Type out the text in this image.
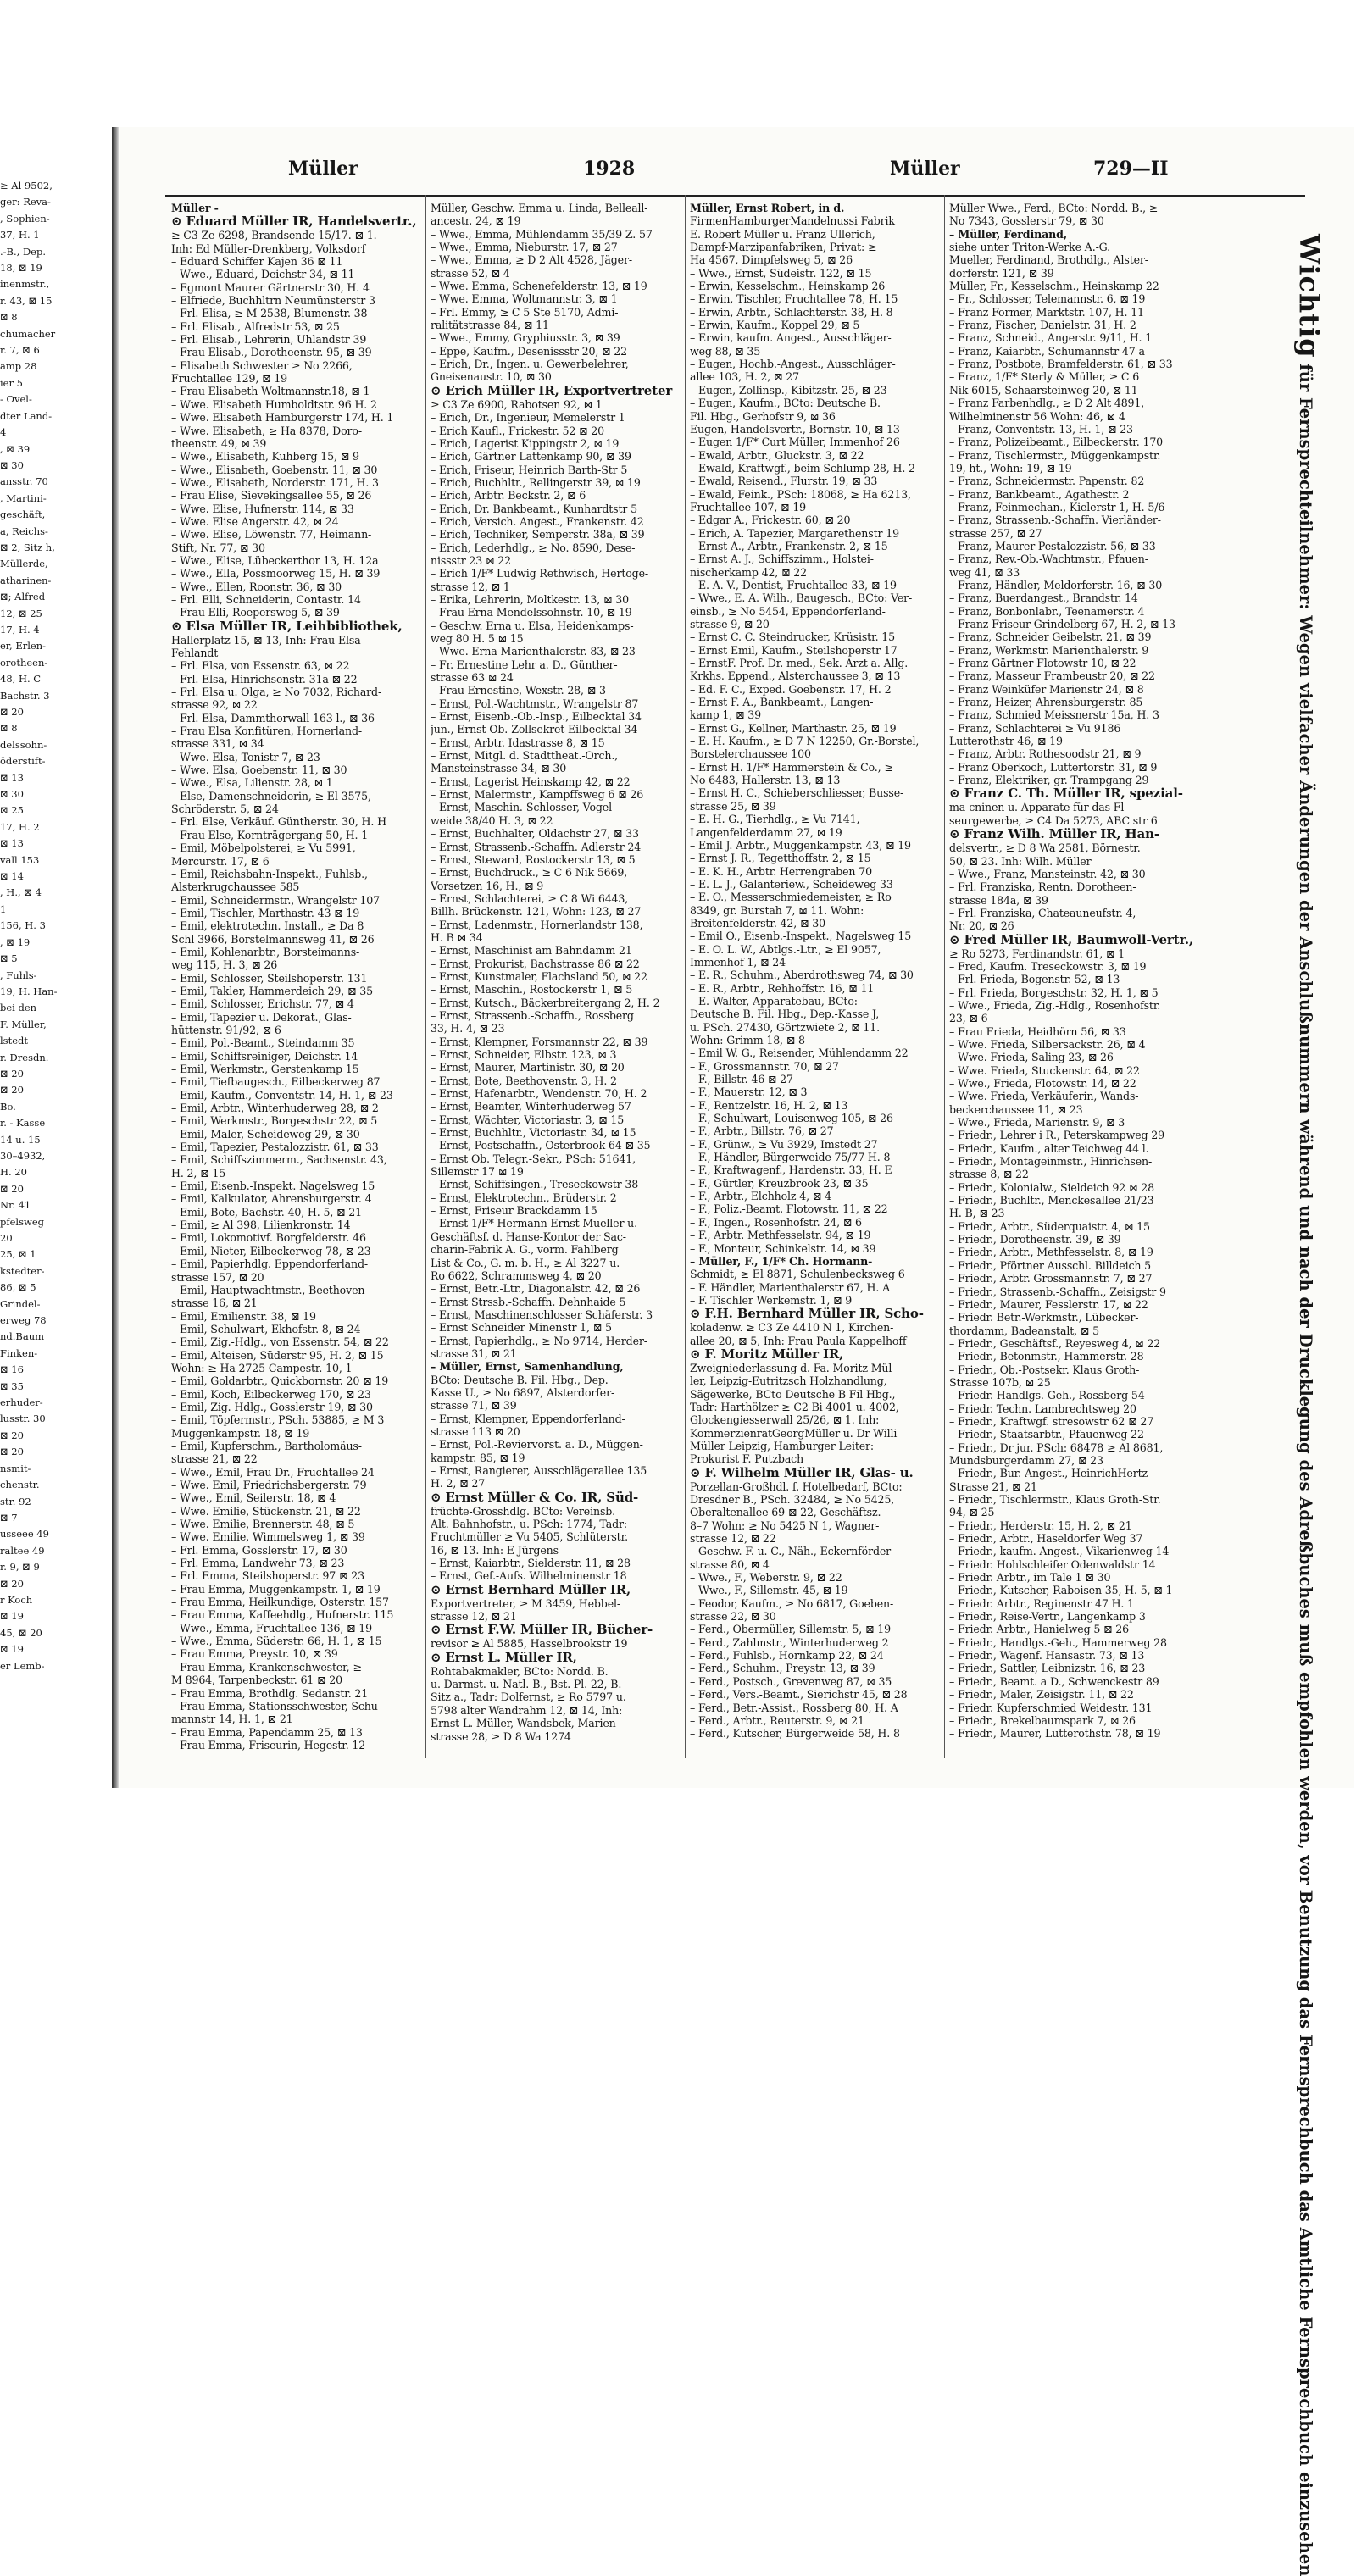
≥ Al 9502,
ger: Reva-
, Sophien-
37, H. 1
.-B., Dep.
18, ⊠ 19
inenmstr.,
r. 43, ⊠ 15
⊠ 8
chumacher
r. 7, ⊠ 6
amp 28
ier 5
- Ovel-
dter Land-
4
, ⊠ 39
⊠ 30
ansstr. 70
, Martini-
geschäft,
a, Reichs-
⊠ 2, Sitz h,
Müllerde,
atharinen-
⊠; Alfred
12, ⊠ 25
17, H. 4
er, Erlen-
orotheen-
48, H. C
Bachstr. 3
⊠ 20
⊠ 8
delssohn-
öderstift-
⊠ 13
⊠ 30
⊠ 25
17, H. 2
⊠ 13
vall 153
⊠ 14
, H., ⊠ 4
1
156, H. 3
, ⊠ 19
⊠ 5
, Fuhls-
19, H. Han-
bei den
F. Müller,
lstedt
r. Dresdn.
⊠ 20
⊠ 20
Bo.
r. - Kasse
14 u. 15
30–4932,
H. 20
⊠ 20
Nr. 41
pfelsweg
20
25, ⊠ 1
kstedter-
86, ⊠ 5
Grindel-
erweg 78
nd.Baum
Finken-
⊠ 16
⊠ 35
erhuder-
lusstr. 30
⊠ 20
⊠ 20
nsmit-
chenstr.
str. 92
⊠ 7
usseee 49
raltee 49
r. 9, ⊠ 9
⊠ 20
r Koch
⊠ 19
45, ⊠ 20
⊠ 19
er Lemb-
Müller	1928	Müller	729—II
Müller -
⊙ Eduard Müller IR, Handelsvertr.,
≥ C3 Ze 6298, Brandsende 15/17. ⊠ 1.
Inh: Ed Müller-Drenkberg, Volksdorf
– Eduard Schiffer Kajen 36 ⊠ 11
– Wwe., Eduard, Deichstr 34, ⊠ 11
– Egmont Maurer Gärtnerstr 30, H. 4
– Elfriede, Buchhltrn Neumünsterstr 3
– Frl. Elisa, ≥ M 2538, Blumenstr. 38
– Frl. Elisab., Alfredstr 53, ⊠ 25
– Frl. Elisab., Lehrerin, Uhlandstr 39
– Frau Elisab., Dorotheenstr. 95, ⊠ 39
– Elisabeth Schwester ≥ No 2266,
Fruchtallee 129, ⊠ 19
– Frau Elisabeth Woltmannstr.18, ⊠ 1
– Wwe. Elisabeth Humboldtstr. 96 H. 2
– Wwe. Elisabeth Hamburgerstr 174, H. 1
– Wwe. Elisabeth, ≥ Ha 8378, Doro-
theenstr. 49, ⊠ 39
– Wwe., Elisabeth, Kuhberg 15, ⊠ 9
– Wwe., Elisabeth, Goebenstr. 11, ⊠ 30
– Wwe., Elisabeth, Norderstr. 171, H. 3
– Frau Elise, Sievekingsallee 55, ⊠ 26
– Wwe. Elise, Hufnerstr. 114, ⊠ 33
– Wwe. Elise Angerstr. 42, ⊠ 24
– Wwe. Elise, Löwenstr. 77, Heimann-
Stift, Nr. 77, ⊠ 30
– Wwe., Elise, Lübeckerthor 13, H. 12a
– Wwe., Ella, Possmoorweg 15, H. ⊠ 39
– Wwe., Ellen, Roonstr. 36, ⊠ 30
– Frl. Elli, Schneiderin, Contastr. 14
– Frau Elli, Roepersweg 5, ⊠ 39
⊙ Elsa Müller IR, Leihbibliothek,
Hallerplatz 15, ⊠ 13, Inh: Frau Elsa
Fehlandt
– Frl. Elsa, von Essenstr. 63, ⊠ 22
– Frl. Elsa, Hinrichsenstr. 31a ⊠ 22
– Frl. Elsa u. Olga, ≥ No 7032, Richard-
strasse 92, ⊠ 22
– Frl. Elsa, Dammthorwall 163 l., ⊠ 36
– Frau Elsa Konfitüren, Hornerland-
strasse 331, ⊠ 34
– Wwe. Elsa, Tonistr 7, ⊠ 23
– Wwe. Elsa, Goebenstr. 11, ⊠ 30
– Wwe., Elsa, Lilienstr. 28, ⊠ 1
– Else, Damenschneiderin, ≥ El 3575,
Schröderstr. 5, ⊠ 24
– Frl. Else, Verkäuf. Güntherstr. 30, H. H
– Frau Else, Kornträgergang 50, H. 1
– Emil, Möbelpolsterei, ≥ Vu 5991,
Mercurstr. 17, ⊠ 6
– Emil, Reichsbahn-Inspekt., Fuhlsb.,
Alsterkrugchaussee 585
– Emil, Schneidermstr., Wrangelstr 107
– Emil, Tischler, Marthastr. 43 ⊠ 19
– Emil, elektrotechn. Install., ≥ Da 8
Schl 3966, Borstelmannsweg 41, ⊠ 26
– Emil, Kohlenarbtr., Borsteimanns-
weg 115, H. 3, ⊠ 26
– Emil, Schlosser, Steilshoperstr. 131
– Emil, Takler, Hammerdeich 29, ⊠ 35
– Emil, Schlosser, Erichstr. 77, ⊠ 4
– Emil, Tapezier u. Dekorat., Glas-
hüttenstr. 91/92, ⊠ 6
– Emil, Pol.-Beamt., Steindamm 35
– Emil, Schiffsreiniger, Deichstr. 14
– Emil, Werkmstr., Gerstenkamp 15
– Emil, Tiefbaugesch., Eilbeckerweg 87
– Emil, Kaufm., Conventstr. 14, H. 1, ⊠ 23
– Emil, Arbtr., Winterhuderweg 28, ⊠ 2
– Emil, Werkmstr., Borgeschstr 22, ⊠ 5
– Emil, Maler, Scheideweg 29, ⊠ 30
– Emil, Tapezier, Pestalozzistr. 61, ⊠ 33
– Emil, Schiffszimmerm., Sachsenstr. 43,
H. 2, ⊠ 15
– Emil, Eisenb.-Inspekt. Nagelsweg 15
– Emil, Kalkulator, Ahrensburgerstr. 4
– Emil, Bote, Bachstr. 40, H. 5, ⊠ 21
– Emil, ≥ Al 398, Lilienkronstr. 14
– Emil, Lokomotivf. Borgfelderstr. 46
– Emil, Nieter, Eilbeckerweg 78, ⊠ 23
– Emil, Papierhdlg. Eppendorferland-
strasse 157, ⊠ 20
– Emil, Hauptwachtmstr., Beethoven-
strasse 16, ⊠ 21
– Emil, Emilienstr. 38, ⊠ 19
– Emil, Schulwart, Ekhofstr. 8, ⊠ 24
– Emil, Zig.-Hdlg., von Essenstr. 54, ⊠ 22
– Emil, Alteisen, Süderstr 95, H. 2, ⊠ 15
Wohn: ≥ Ha 2725 Campestr. 10, 1
– Emil, Goldarbtr., Quickbornstr. 20 ⊠ 19
– Emil, Koch, Eilbeckerweg 170, ⊠ 23
– Emil, Zig. Hdlg., Gosslerstr 19, ⊠ 30
– Emil, Töpfermstr., PSch. 53885, ≥ M 3
Muggenkampstr. 18, ⊠ 19
– Emil, Kupferschm., Bartholomäus-
strasse 21, ⊠ 22
– Wwe., Emil, Frau Dr., Fruchtallee 24
– Wwe. Emil, Friedrichsbergerstr. 79
– Wwe., Emil, Seilerstr. 18, ⊠ 4
– Wwe. Emilie, Stückenstr. 21, ⊠ 22
– Wwe. Emilie, Brennerstr. 48, ⊠ 5
– Wwe. Emilie, Wimmelsweg 1, ⊠ 39
– Frl. Emma, Gosslerstr. 17, ⊠ 30
– Frl. Emma, Landwehr 73, ⊠ 23
– Frl. Emma, Steilshoperstr. 97 ⊠ 23
– Frau Emma, Muggenkampstr. 1, ⊠ 19
– Frau Emma, Heilkundige, Osterstr. 157
– Frau Emma, Kaffeehdlg., Hufnerstr. 115
– Wwe., Emma, Fruchtallee 136, ⊠ 19
– Wwe., Emma, Süderstr. 66, H. 1, ⊠ 15
– Frau Emma, Preystr. 10, ⊠ 39
– Frau Emma, Krankenschwester, ≥
M 8964, Tarpenbeckstr. 61 ⊠ 20
– Frau Emma, Brothdlg. Sedanstr. 21
– Frau Emma, Stationsschwester, Schu-
mannstr 14, H. 1, ⊠ 21
– Frau Emma, Papendamm 25, ⊠ 13
– Frau Emma, Friseurin, Hegestr. 12
Müller, Geschw. Emma u. Linda, Belleall-
ancestr. 24, ⊠ 19
– Wwe., Emma, Mühlendamm 35/39 Z. 57
– Wwe., Emma, Nieburstr. 17, ⊠ 27
– Wwe., Emma, ≥ D 2 Alt 4528, Jäger-
strasse 52, ⊠ 4
– Wwe. Emma, Schenefelderstr. 13, ⊠ 19
– Wwe. Emma, Woltmannstr. 3, ⊠ 1
– Frl. Emmy, ≥ C 5 Ste 5170, Admi-
ralitätstrasse 84, ⊠ 11
– Wwe., Emmy, Gryphiusstr. 3, ⊠ 39
– Eppe, Kaufm., Desenissstr 20, ⊠ 22
– Erich, Dr., Ingen. u. Gewerbelehrer,
Gneisenaustr. 10, ⊠ 30
⊙ Erich Müller IR, Exportvertreter
≥ C3 Ze 6900, Rabotsen 92, ⊠ 1
– Erich, Dr., Ingenieur, Memelerstr 1
– Erich Kaufl., Frickestr. 52 ⊠ 20
– Erich, Lagerist Kippingstr 2, ⊠ 19
– Erich, Gärtner Lattenkamp 90, ⊠ 39
– Erich, Friseur, Heinrich Barth-Str 5
– Erich, Buchhltr., Rellingerstr 39, ⊠ 19
– Erich, Arbtr. Beckstr. 2, ⊠ 6
– Erich, Dr. Bankbeamt., Kunhardtstr 5
– Erich, Versich. Angest., Frankenstr. 42
– Erich, Techniker, Semperstr. 38a, ⊠ 39
– Erich, Lederhdlg., ≥ No. 8590, Dese-
nissstr 23 ⊠ 22
– Erich 1/F* Ludwig Rethwisch, Hertoge-
strasse 12, ⊠ 1
– Erika, Lehrerin, Moltkestr. 13, ⊠ 30
– Frau Erna Mendelssohnstr. 10, ⊠ 19
– Geschw. Erna u. Elsa, Heidenkamps-
weg 80 H. 5 ⊠ 15
– Wwe. Erna Marienthalerstr. 83, ⊠ 23
– Fr. Ernestine Lehr a. D., Günther-
strasse 63 ⊠ 24
– Frau Ernestine, Wexstr. 28, ⊠ 3
– Ernst, Pol.-Wachtmstr., Wrangelstr 87
– Ernst, Eisenb.-Ob.-Insp., Eilbecktal 34
jun., Ernst Ob.-Zollsekret Eilbecktal 34
– Ernst, Arbtr. Idastrasse 8, ⊠ 15
– Ernst, Mitgl. d. Stadttheat.-Orch.,
Mansteinstrasse 34, ⊠ 30
– Ernst, Lagerist Heinskamp 42, ⊠ 22
– Ernst, Malermstr., Kampffsweg 6 ⊠ 26
– Ernst, Maschin.-Schlosser, Vogel-
weide 38/40 H. 3, ⊠ 22
– Ernst, Buchhalter, Oldachstr 27, ⊠ 33
– Ernst, Strassenb.-Schaffn. Adlerstr 24
– Ernst, Steward, Rostockerstr 13, ⊠ 5
– Ernst, Buchdruck., ≥ C 6 Nik 5669,
Vorsetzen 16, H., ⊠ 9
– Ernst, Schlachterei, ≥ C 8 Wi 6443,
Billh. Brückenstr. 121, Wohn: 123, ⊠ 27
– Ernst, Ladenmstr., Hornerlandstr 138,
H. B ⊠ 34
– Ernst, Maschinist am Bahndamm 21
– Ernst, Prokurist, Bachstrasse 86 ⊠ 22
– Ernst, Kunstmaler, Flachsland 50, ⊠ 22
– Ernst, Maschin., Rostockerstr 1, ⊠ 5
– Ernst, Kutsch., Bäckerbreitergang 2, H. 2
– Ernst, Strassenb.-Schaffn., Rossberg
33, H. 4, ⊠ 23
– Ernst, Klempner, Forsmannstr 22, ⊠ 39
– Ernst, Schneider, Elbstr. 123, ⊠ 3
– Ernst, Maurer, Martinistr. 30, ⊠ 20
– Ernst, Bote, Beethovenstr. 3, H. 2
– Ernst, Hafenarbtr., Wendenstr. 70, H. 2
– Ernst, Beamter, Winterhuderweg 57
– Ernst, Wächter, Victoriastr. 3, ⊠ 15
– Ernst, Buchhltr., Victoriastr. 34, ⊠ 15
– Ernst, Postschaffn., Osterbrook 64 ⊠ 35
– Ernst Ob. Telegr.-Sekr., PSch: 51641,
Sillemstr 17 ⊠ 19
– Ernst, Schiffsingen., Treseckowstr 38
– Ernst, Elektrotechn., Brüderstr. 2
– Ernst, Friseur Brackdamm 15
– Ernst 1/F* Hermann Ernst Mueller u.
Geschäftsf. d. Hanse-Kontor der Sac-
charin-Fabrik A. G., vorm. Fahlberg
List & Co., G. m. b. H., ≥ Al 3227 u.
Ro 6622, Schrammsweg 4, ⊠ 20
– Ernst, Betr.-Ltr., Diagonalstr. 42, ⊠ 26
– Ernst Strssb.-Schaffn. Dehnhaide 5
– Ernst, Maschinenschlosser Schäferstr. 3
– Ernst Schneider Minenstr 1, ⊠ 5
– Ernst, Papierhdlg., ≥ No 9714, Herder-
strasse 31, ⊠ 21
– Müller, Ernst, Samenhandlung,
BCto: Deutsche B. Fil. Hbg., Dep.
Kasse U., ≥ No 6897, Alsterdorfer-
strasse 71, ⊠ 39
– Ernst, Klempner, Eppendorferland-
strasse 113 ⊠ 20
– Ernst, Pol.-Reviervorst. a. D., Müggen-
kampstr. 85, ⊠ 19
– Ernst, Rangierer, Ausschlägerallee 135
H. 2, ⊠ 27
⊙ Ernst Müller & Co. IR, Süd-
früchte-Grosshdlg. BCto: Vereinsb.
Alt. Bahnhofstr., u. PSch: 1774, Tadr:
Fruchtmüller ≥ Vu 5405, Schlüterstr.
16, ⊠ 13. Inh: E Jürgens
– Ernst, Kaiarbtr., Sielderstr. 11, ⊠ 28
– Ernst, Gef.-Aufs. Wilhelminenstr 18
⊙ Ernst Bernhard Müller IR,
Exportvertreter, ≥ M 3459, Hebbel-
strasse 12, ⊠ 21
⊙ Ernst F.W. Müller IR, Bücher-
revisor ≥ Al 5885, Hasselbrookstr 19
⊙ Ernst L. Müller IR,
Rohtabakmakler, BCto: Nordd. B.
u. Darmst. u. Natl.-B., Bst. Pl. 22, B.
Sitz a., Tadr: Dolfernst, ≥ Ro 5797 u.
5798 alter Wandrahm 12, ⊠ 14, Inh:
Ernst L. Müller, Wandsbek, Marien-
strasse 28, ≥ D 8 Wa 1274
Müller, Ernst Robert, in d.
FirmenHamburgerMandelnussi Fabrik
E. Robert Müller u. Franz Ullerich,
Dampf-Marzipanfabriken, Privat: ≥
Ha 4567, Dimpfelsweg 5, ⊠ 26
– Wwe., Ernst, Südeistr. 122, ⊠ 15
– Erwin, Kesselschm., Heinskamp 26
– Erwin, Tischler, Fruchtallee 78, H. 15
– Erwin, Arbtr., Schlachterstr. 38, H. 8
– Erwin, Kaufm., Koppel 29, ⊠ 5
– Erwin, kaufm. Angest., Ausschläger-
weg 88, ⊠ 35
– Eugen, Hochb.-Angest., Ausschläger-
allee 103, H. 2, ⊠ 27
– Eugen, Zollinsp., Kibitzstr. 25, ⊠ 23
– Eugen, Kaufm., BCto: Deutsche B.
Fil. Hbg., Gerhofstr 9, ⊠ 36
Eugen, Handelsvertr., Bornstr. 10, ⊠ 13
– Eugen 1/F* Curt Müller, Immenhof 26
– Ewald, Arbtr., Gluckstr. 3, ⊠ 22
– Ewald, Kraftwgf., beim Schlump 28, H. 2
– Ewald, Reisend., Flurstr. 19, ⊠ 33
– Ewald, Feink., PSch: 18068, ≥ Ha 6213,
Fruchtallee 107, ⊠ 19
– Edgar A., Frickestr. 60, ⊠ 20
– Erich, A. Tapezier, Margarethenstr 19
– Ernst A., Arbtr., Frankenstr. 2, ⊠ 15
– Ernst A. J., Schiffszimm., Holstei-
nischerkamp 42, ⊠ 22
– E. A. V., Dentist, Fruchtallee 33, ⊠ 19
– Wwe., E. A. Wilh., Baugesch., BCto: Ver-
einsb., ≥ No 5454, Eppendorferland-
strasse 9, ⊠ 20
– Ernst C. C. Steindrucker, Krüsistr. 15
– Ernst Emil, Kaufm., Steilshoperstr 17
– ErnstF. Prof. Dr. med., Sek. Arzt a. Allg.
Krkhs. Eppend., Alsterchaussee 3, ⊠ 13
– Ed. F. C., Exped. Goebenstr. 17, H. 2
– Ernst F. A., Bankbeamt., Langen-
kamp 1, ⊠ 39
– Ernst G., Kellner, Marthastr. 25, ⊠ 19
– E. H. Kaufm., ≥ D 7 N 12250, Gr.-Borstel,
Borstelerchaussee 100
– Ernst H. 1/F* Hammerstein & Co., ≥
No 6483, Hallerstr. 13, ⊠ 13
– Ernst H. C., Schieberschliesser, Busse-
strasse 25, ⊠ 39
– E. H. G., Tierhdlg., ≥ Vu 7141,
Langenfelderdamm 27, ⊠ 19
– Emil J. Arbtr., Muggenkampstr. 43, ⊠ 19
– Ernst J. R., Tegetthoffstr. 2, ⊠ 15
– E. K. H., Arbtr. Herrengraben 70
– E. L. J., Galanteriew., Scheideweg 33
– E. O., Messerschmiedemeister, ≥ Ro
8349, gr. Burstah 7, ⊠ 11. Wohn:
Breitenfelderstr. 42, ⊠ 30
– Emil O., Eisenb.-Inspekt., Nagelsweg 15
– E. O. L. W., Abtlgs.-Ltr., ≥ El 9057,
Immenhof 1, ⊠ 24
– E. R., Schuhm., Aberdrothsweg 74, ⊠ 30
– E. R., Arbtr., Rehhoffstr. 16, ⊠ 11
– E. Walter, Apparatebau, BCto:
Deutsche B. Fil. Hbg., Dep.-Kasse J,
u. PSch. 27430, Görtzwiete 2, ⊠ 11.
Wohn: Grimm 18, ⊠ 8
– Emil W. G., Reisender, Mühlendamm 22
– F., Grossmannstr. 70, ⊠ 27
– F., Billstr. 46 ⊠ 27
– F., Mauerstr. 12, ⊠ 3
– F., Rentzelstr. 16, H. 2, ⊠ 13
– F., Schulwart, Louisenweg 105, ⊠ 26
– F., Arbtr., Billstr. 76, ⊠ 27
– F., Grünw., ≥ Vu 3929, Imstedt 27
– F., Händler, Bürgerweide 75/77 H. 8
– F., Kraftwagenf., Hardenstr. 33, H. E
– F., Gürtler, Kreuzbrook 23, ⊠ 35
– F., Arbtr., Elchholz 4, ⊠ 4
– F., Poliz.-Beamt. Flotowstr. 11, ⊠ 22
– F., Ingen., Rosenhofstr. 24, ⊠ 6
– F., Arbtr. Methfesselstr. 94, ⊠ 19
– F., Monteur, Schinkelstr. 14, ⊠ 39
– Müller, F., 1/F* Ch. Hormann-
Schmidt, ≥ El 8871, Schulenbecksweg 6
– F. Händler, Marienthalerstr 67, H. A
– F. Tischler Werkemstr. 1, ⊠ 9
⊙ F.H. Bernhard Müller IR, Scho-
koladenw. ≥ C3 Ze 4410 N 1, Kirchen-
allee 20, ⊠ 5, Inh: Frau Paula Kappelhoff
⊙ F. Moritz Müller IR,
Zweigniederlassung d. Fa. Moritz Mül-
ler, Leipzig-Eutritzsch Holzhandlung,
Sägewerke, BCto Deutsche B Fil Hbg.,
Tadr: Harthölzer ≥ C2 Bi 4001 u. 4002,
Glockengiesserwall 25/26, ⊠ 1. Inh:
KommerzienratGeorgMüller u. Dr Willi
Müller Leipzig, Hamburger Leiter:
Prokurist F. Putzbach
⊙ F. Wilhelm Müller IR, Glas- u.
Porzellan-Großhdl. f. Hotelbedarf, BCto:
Dresdner B., PSch. 32484, ≥ No 5425,
Oberaltenallee 69 ⊠ 22, Geschäftsz.
8–7 Wohn: ≥ No 5425 N 1, Wagner-
strasse 12, ⊠ 22
– Geschw. F. u. C., Näh., Eckernförder-
strasse 80, ⊠ 4
– Wwe., F., Weberstr. 9, ⊠ 22
– Wwe., F., Sillemstr. 45, ⊠ 19
– Feodor, Kaufm., ≥ No 6817, Goeben-
strasse 22, ⊠ 30
– Ferd., Obermüller, Sillemstr. 5, ⊠ 19
– Ferd., Zahlmstr., Winterhuderweg 2
– Ferd., Fuhlsb., Hornkamp 22, ⊠ 24
– Ferd., Schuhm., Preystr. 13, ⊠ 39
– Ferd., Postsch., Grevenweg 87, ⊠ 35
– Ferd., Vers.-Beamt., Sierichstr 45, ⊠ 28
– Ferd., Betr.-Assist., Rossberg 80, H. A
– Ferd., Arbtr., Reuterstr. 9, ⊠ 21
– Ferd., Kutscher, Bürgerweide 58, H. 8
Müller Wwe., Ferd., BCto: Nordd. B., ≥
No 7343, Gosslerstr 79, ⊠ 30
– Müller, Ferdinand,
siehe unter Triton-Werke A.-G.
Mueller, Ferdinand, Brothdlg., Alster-
dorferstr. 121, ⊠ 39
Müller, Fr., Kesselschm., Heinskamp 22
– Fr., Schlosser, Telemannstr. 6, ⊠ 19
– Franz Former, Marktstr. 107, H. 11
– Franz, Fischer, Danielstr. 31, H. 2
– Franz, Schneid., Angerstr. 9/11, H. 1
– Franz, Kaiarbtr., Schumannstr 47 a
– Franz, Postbote, Bramfelderstr. 61, ⊠ 33
– Franz, 1/F* Sterly & Müller, ≥ C 6
Nik 6015, Schaarsteinweg 20, ⊠ 11
– Franz Farbenhdlg., ≥ D 2 Alt 4891,
Wilhelminenstr 56 Wohn: 46, ⊠ 4
– Franz, Conventstr. 13, H. 1, ⊠ 23
– Franz, Polizeibeamt., Eilbeckerstr. 170
– Franz, Tischlermstr., Müggenkampstr.
19, ht., Wohn: 19, ⊠ 19
– Franz, Schneidermstr. Papenstr. 82
– Franz, Bankbeamt., Agathestr. 2
– Franz, Feinmechan., Kielerstr 1, H. 5/6
– Franz, Strassenb.-Schaffn. Vierländer-
strasse 257, ⊠ 27
– Franz, Maurer Pestalozzistr. 56, ⊠ 33
– Franz, Rev.-Ob.-Wachtmstr., Pfauen-
weg 41, ⊠ 33
– Franz, Händler, Meldorferstr. 16, ⊠ 30
– Franz, Buerdangest., Brandstr. 14
– Franz, Bonbonlabr., Teenamerstr. 4
– Franz Friseur Grindelberg 67, H. 2, ⊠ 13
– Franz, Schneider Geibelstr. 21, ⊠ 39
– Franz, Werkmstr. Marienthalerstr. 9
– Franz Gärtner Flotowstr 10, ⊠ 22
– Franz, Masseur Frambeustr 20, ⊠ 22
– Franz Weinküfer Marienstr 24, ⊠ 8
– Franz, Heizer, Ahrensburgerstr. 85
– Franz, Schmied Meissnerstr 15a, H. 3
– Franz, Schlachterei ≥ Vu 9186
Lutterothstr 46, ⊠ 19
– Franz, Arbtr. Rothesoodstr 21, ⊠ 9
– Franz Oberkoch, Luttertorstr. 31, ⊠ 9
– Franz, Elektriker, gr. Trampgang 29
⊙ Franz C. Th. Müller IR, spezial-
ma-cninen u. Apparate für das Fl-
seurgewerbe, ≥ C4 Da 5273, ABC str 6
⊙ Franz Wilh. Müller IR, Han-
delsvertr., ≥ D 8 Wa 2581, Börnestr.
50, ⊠ 23. Inh: Wilh. Müller
– Wwe., Franz, Mansteinstr. 42, ⊠ 30
– Frl. Franziska, Rentn. Dorotheen-
strasse 184a, ⊠ 39
– Frl. Franziska, Chateauneufstr. 4,
Nr. 20, ⊠ 26
⊙ Fred Müller IR, Baumwoll-Vertr.,
≥ Ro 5273, Ferdinandstr. 61, ⊠ 1
– Fred, Kaufm. Treseckowstr. 3, ⊠ 19
– Frl. Frieda, Bogenstr. 52, ⊠ 13
– Frl. Frieda, Borgeschstr. 32, H. 1, ⊠ 5
– Wwe., Frieda, Zig.-Hdlg., Rosenhofstr.
23, ⊠ 6
– Frau Frieda, Heidhörn 56, ⊠ 33
– Wwe. Frieda, Silbersackstr. 26, ⊠ 4
– Wwe. Frieda, Saling 23, ⊠ 26
– Wwe. Frieda, Stuckenstr. 64, ⊠ 22
– Wwe., Frieda, Flotowstr. 14, ⊠ 22
– Wwe. Frieda, Verkäuferin, Wands-
beckerchaussee 11, ⊠ 23
– Wwe., Frieda, Marienstr. 9, ⊠ 3
– Friedr., Lehrer i R., Peterskampweg 29
– Friedr., Kaufm., alter Teichweg 44 l.
– Friedr., Montageinmstr., Hinrichsen-
strasse 8, ⊠ 22
– Friedr., Kolonialw., Sieldeich 92 ⊠ 28
– Friedr., Buchltr., Menckesallee 21/23
H. B, ⊠ 23
– Friedr., Arbtr., Süderquaistr. 4, ⊠ 15
– Friedr., Dorotheenstr. 39, ⊠ 39
– Friedr., Arbtr., Methfesselstr. 8, ⊠ 19
– Friedr., Pförtner Ausschl. Billdeich 5
– Friedr., Arbtr. Grossmannstr. 7, ⊠ 27
– Friedr., Strassenb.-Schaffn., Zeisigstr 9
– Friedr., Maurer, Fesslerstr. 17, ⊠ 22
– Friedr. Betr.-Werkmstr., Lübecker-
thordamm, Badeanstalt, ⊠ 5
– Friedr., Geschäftsf., Reyesweg 4, ⊠ 22
– Friedr., Betonmstr., Hammerstr. 28
– Friedr., Ob.-Postsekr. Klaus Groth-
Strasse 107b, ⊠ 25
– Friedr. Handlgs.-Geh., Rossberg 54
– Friedr. Techn. Lambrechtsweg 20
– Friedr., Kraftwgf. stresowstr 62 ⊠ 27
– Friedr., Staatsarbtr., Pfauenweg 22
– Friedr., Dr jur. PSch: 68478 ≥ Al 8681,
Mundsburgerdamm 27, ⊠ 23
– Friedr., Bur.-Angest., HeinrichHertz-
Strasse 21, ⊠ 21
– Friedr., Tischlermstr., Klaus Groth-Str.
94, ⊠ 25
– Friedr., Herderstr. 15, H. 2, ⊠ 21
– Friedr., Arbtr., Haseldorfer Weg 37
– Friedr., kaufm. Angest., Vikarienweg 14
– Friedr. Hohlschleifer Odenwaldstr 14
– Friedr. Arbtr., im Tale 1 ⊠ 30
– Friedr., Kutscher, Raboisen 35, H. 5, ⊠ 1
– Friedr. Arbtr., Reginenstr 47 H. 1
– Friedr., Reise-Vertr., Langenkamp 3
– Friedr. Arbtr., Hanielweg 5 ⊠ 26
– Friedr., Handlgs.-Geh., Hammerweg 28
– Friedr., Wagenf. Hansastr. 73, ⊠ 13
– Friedr., Sattler, Leibnizstr. 16, ⊠ 23
– Friedr., Beamt. a D., Schwenckestr 89
– Friedr., Maler, Zeisigstr. 11, ⊠ 22
– Friedr. Kupferschmied Weidestr. 131
– Friedr., Brekelbaumspark 7, ⊠ 26
– Friedr., Maurer, Lutterothstr. 78, ⊠ 19
Wichtig für Fernsprechteilnehmer: Wegen vielfacher Änderungen der Anschlußnummern während und nach der Drucklegung des Adreßbuches muß empfohlen werden, vor Benutzung das Fernsprechbuch das Amtliche Fernsprechbuch einzusehen
